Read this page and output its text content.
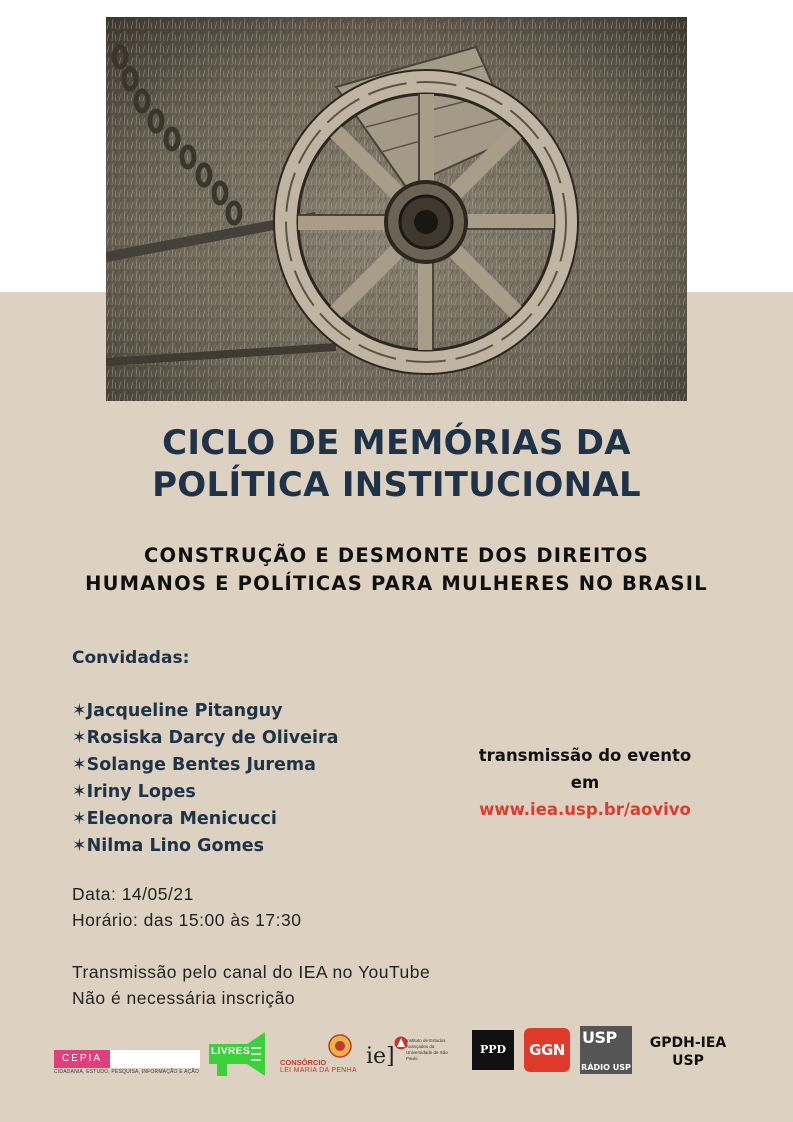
CICLO DE MEMÓRIAS DA
POLÍTICA INSTITUCIONAL
CONSTRUÇÃO E DESMONTE DOS DIREITOS
HUMANOS E POLÍTICAS PARA MULHERES NO BRASIL
Convidadas:
✶Jacqueline Pitanguy
✶Rosiska Darcy de Oliveira
✶Solange Bentes Jurema
✶Iriny Lopes
✶Eleonora Menicucci
✶Nilma Lino Gomes
transmissão do evento
em
www.iea.usp.br/aovivo
Data: 14/05/21
Horário: das 15:00 às 17:30
Transmissão pelo canal do IEA no YouTube
Não é necessária inscrição
CEPIA
CIDADANIA, ESTUDO, PESQUISA, INFORMAÇÃO E AÇÃO
LIVRES
CONSÓRCIO
LEI MARIA DA PENHA
ie]
Instituto de Estudos Avançados da Universidade de São Paulo
PPD	GGN
USP
RÁDIO USP
GPDH-IEA
USP
